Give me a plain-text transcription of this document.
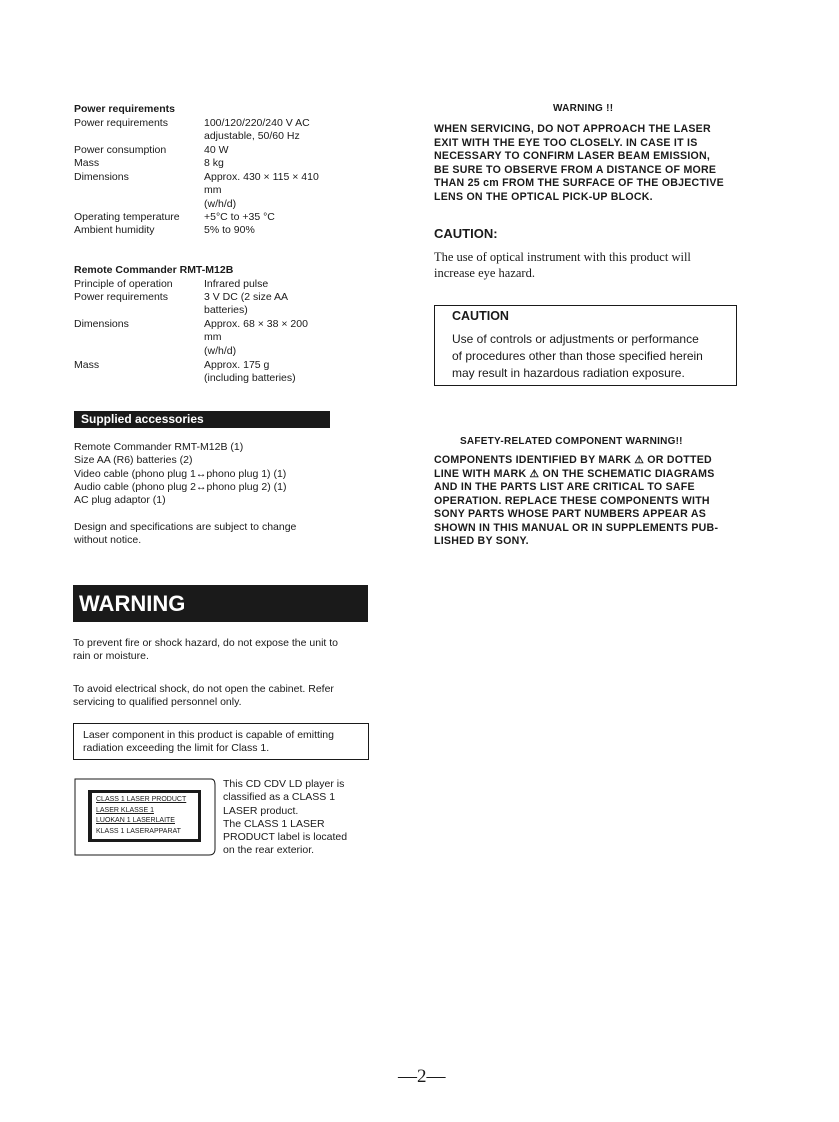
Power requirements
Power requirements	100/120/220/240 V AC
adjustable, 50/60 Hz
Power consumption	40 W
Mass	8 kg
Dimensions	Approx. 430 × 115 × 410
mm
(w/h/d)
Operating temperature	+5°C to +35 °C
Ambient humidity	5% to 90%
Remote Commander RMT-M12B
Principle of operation	Infrared pulse
Power requirements	3 V DC (2 size AA
batteries)
Dimensions	Approx. 68 × 38 × 200
mm
(w/h/d)
Mass	Approx. 175 g
(including batteries)
Supplied accessories
Remote Commander RMT-M12B (1)
Size AA (R6) batteries (2)
Video cable (phono plug 1↔phono plug 1) (1)
Audio cable (phono plug 2↔phono plug 2) (1)
AC plug adaptor (1)
Design and specifications are subject to change
without notice.
WARNING
To prevent fire or shock hazard, do not expose the unit to
rain or moisture.
To avoid electrical shock, do not open the cabinet. Refer
servicing to qualified personnel only.
Laser component in this product is capable of emitting
radiation exceeding the limit for Class 1.
CLASS 1 LASER PRODUCT
LASER KLASSE 1
LUOKAN 1 LASERLAITE
KLASS 1 LASERAPPARAT
This CD CDV LD player is
classified as a CLASS 1
LASER product.
The CLASS 1 LASER
PRODUCT label is located
on the rear exterior.
WARNING !!
WHEN SERVICING, DO NOT APPROACH THE LASER
EXIT WITH THE EYE TOO CLOSELY. IN CASE IT IS
NECESSARY TO CONFIRM LASER BEAM EMISSION,
BE SURE TO OBSERVE FROM A DISTANCE OF MORE
THAN 25 cm FROM THE SURFACE OF THE OBJECTIVE
LENS ON THE OPTICAL PICK-UP BLOCK.
CAUTION:
The use of optical instrument with this product will
increase eye hazard.
CAUTION
Use of controls or adjustments or performance
of procedures other than those specified herein
may result in hazardous radiation exposure.
SAFETY-RELATED COMPONENT WARNING!!
COMPONENTS IDENTIFIED BY MARK ⚠ OR DOTTED
LINE WITH MARK ⚠ ON THE SCHEMATIC DIAGRAMS
AND IN THE PARTS LIST ARE CRITICAL TO SAFE
OPERATION. REPLACE THESE COMPONENTS WITH
SONY PARTS WHOSE PART NUMBERS APPEAR AS
SHOWN IN THIS MANUAL OR IN SUPPLEMENTS PUB-
LISHED BY SONY.
—2—
